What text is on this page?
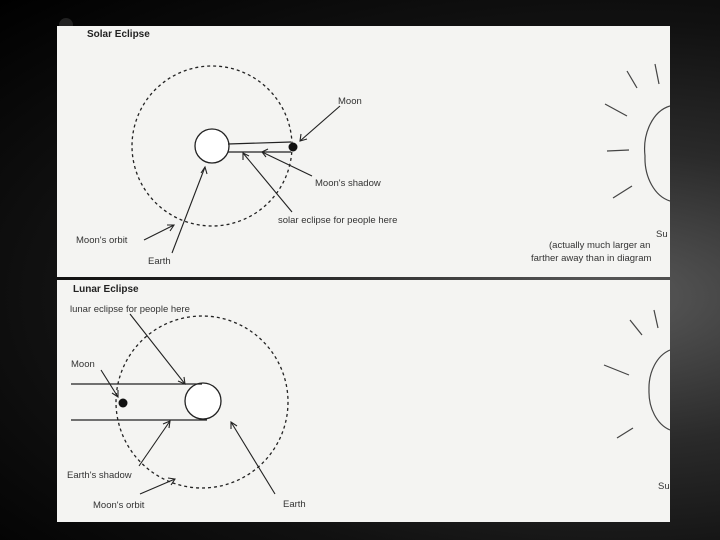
Solar Eclipse
Moon
Moon's shadow
solar eclipse for people here
Moon's orbit
Earth
Su
(actually much larger an
farther away than in diagram
Lunar Eclipse
lunar eclipse for people here
Moon
Earth's shadow
Moon's orbit	Earth
Su
